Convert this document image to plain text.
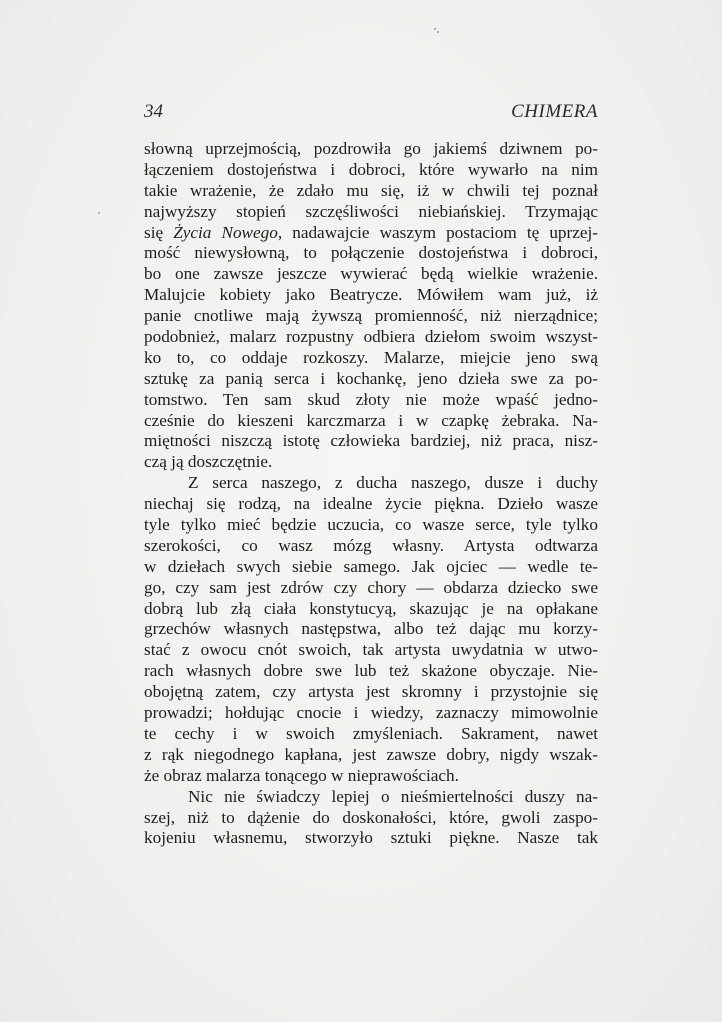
34	CHIMERA
słowną uprzejmością, pozdrowiła go jakiemś dziwnem po-
łączeniem dostojeństwa i dobroci, które wywarło na nim
takie wrażenie, że zdało mu się, iż w chwili tej poznał
najwyższy stopień szczęśliwości niebiańskiej. Trzymając
się Życia Nowego, nadawajcie waszym postaciom tę uprzej-
mość niewysłowną, to połączenie dostojeństwa i dobroci,
bo one zawsze jeszcze wywierać będą wielkie wrażenie.
Malujcie kobiety jako Beatrycze. Mówiłem wam już, iż
panie cnotliwe mają żywszą promienność, niż nierządnice;
podobnież, malarz rozpustny odbiera dziełom swoim wszyst-
ko to, co oddaje rozkoszy. Malarze, miejcie jeno swą
sztukę za panią serca i kochankę, jeno dzieła swe za po-
tomstwo. Ten sam skud złoty nie może wpaść jedno-
cześnie do kieszeni karczmarza i w czapkę żebraka. Na-
miętności niszczą istotę człowieka bardziej, niż praca, nisz-
czą ją doszczętnie.
Z serca naszego, z ducha naszego, dusze i duchy
niechaj się rodzą, na idealne życie piękna. Dzieło wasze
tyle tylko mieć będzie uczucia, co wasze serce, tyle tylko
szerokości, co wasz mózg własny. Artysta odtwarza
w dziełach swych siebie samego. Jak ojciec — wedle te-
go, czy sam jest zdrów czy chory — obdarza dziecko swe
dobrą lub złą ciała konstytucyą, skazując je na opłakane
grzechów własnych następstwa, albo też dając mu korzy-
stać z owocu cnót swoich, tak artysta uwydatnia w utwo-
rach własnych dobre swe lub też skażone obyczaje. Nie-
obojętną zatem, czy artysta jest skromny i przystojnie się
prowadzi; hołdując cnocie i wiedzy, zaznaczy mimowolnie
te cechy i w swoich zmyśleniach. Sakrament, nawet
z rąk niegodnego kapłana, jest zawsze dobry, nigdy wszak-
że obraz malarza tonącego w nieprawościach.
Nic nie świadczy lepiej o nieśmiertelności duszy na-
szej, niż to dążenie do doskonałości, które, gwoli zaspo-
kojeniu własnemu, stworzyło sztuki piękne. Nasze tak
